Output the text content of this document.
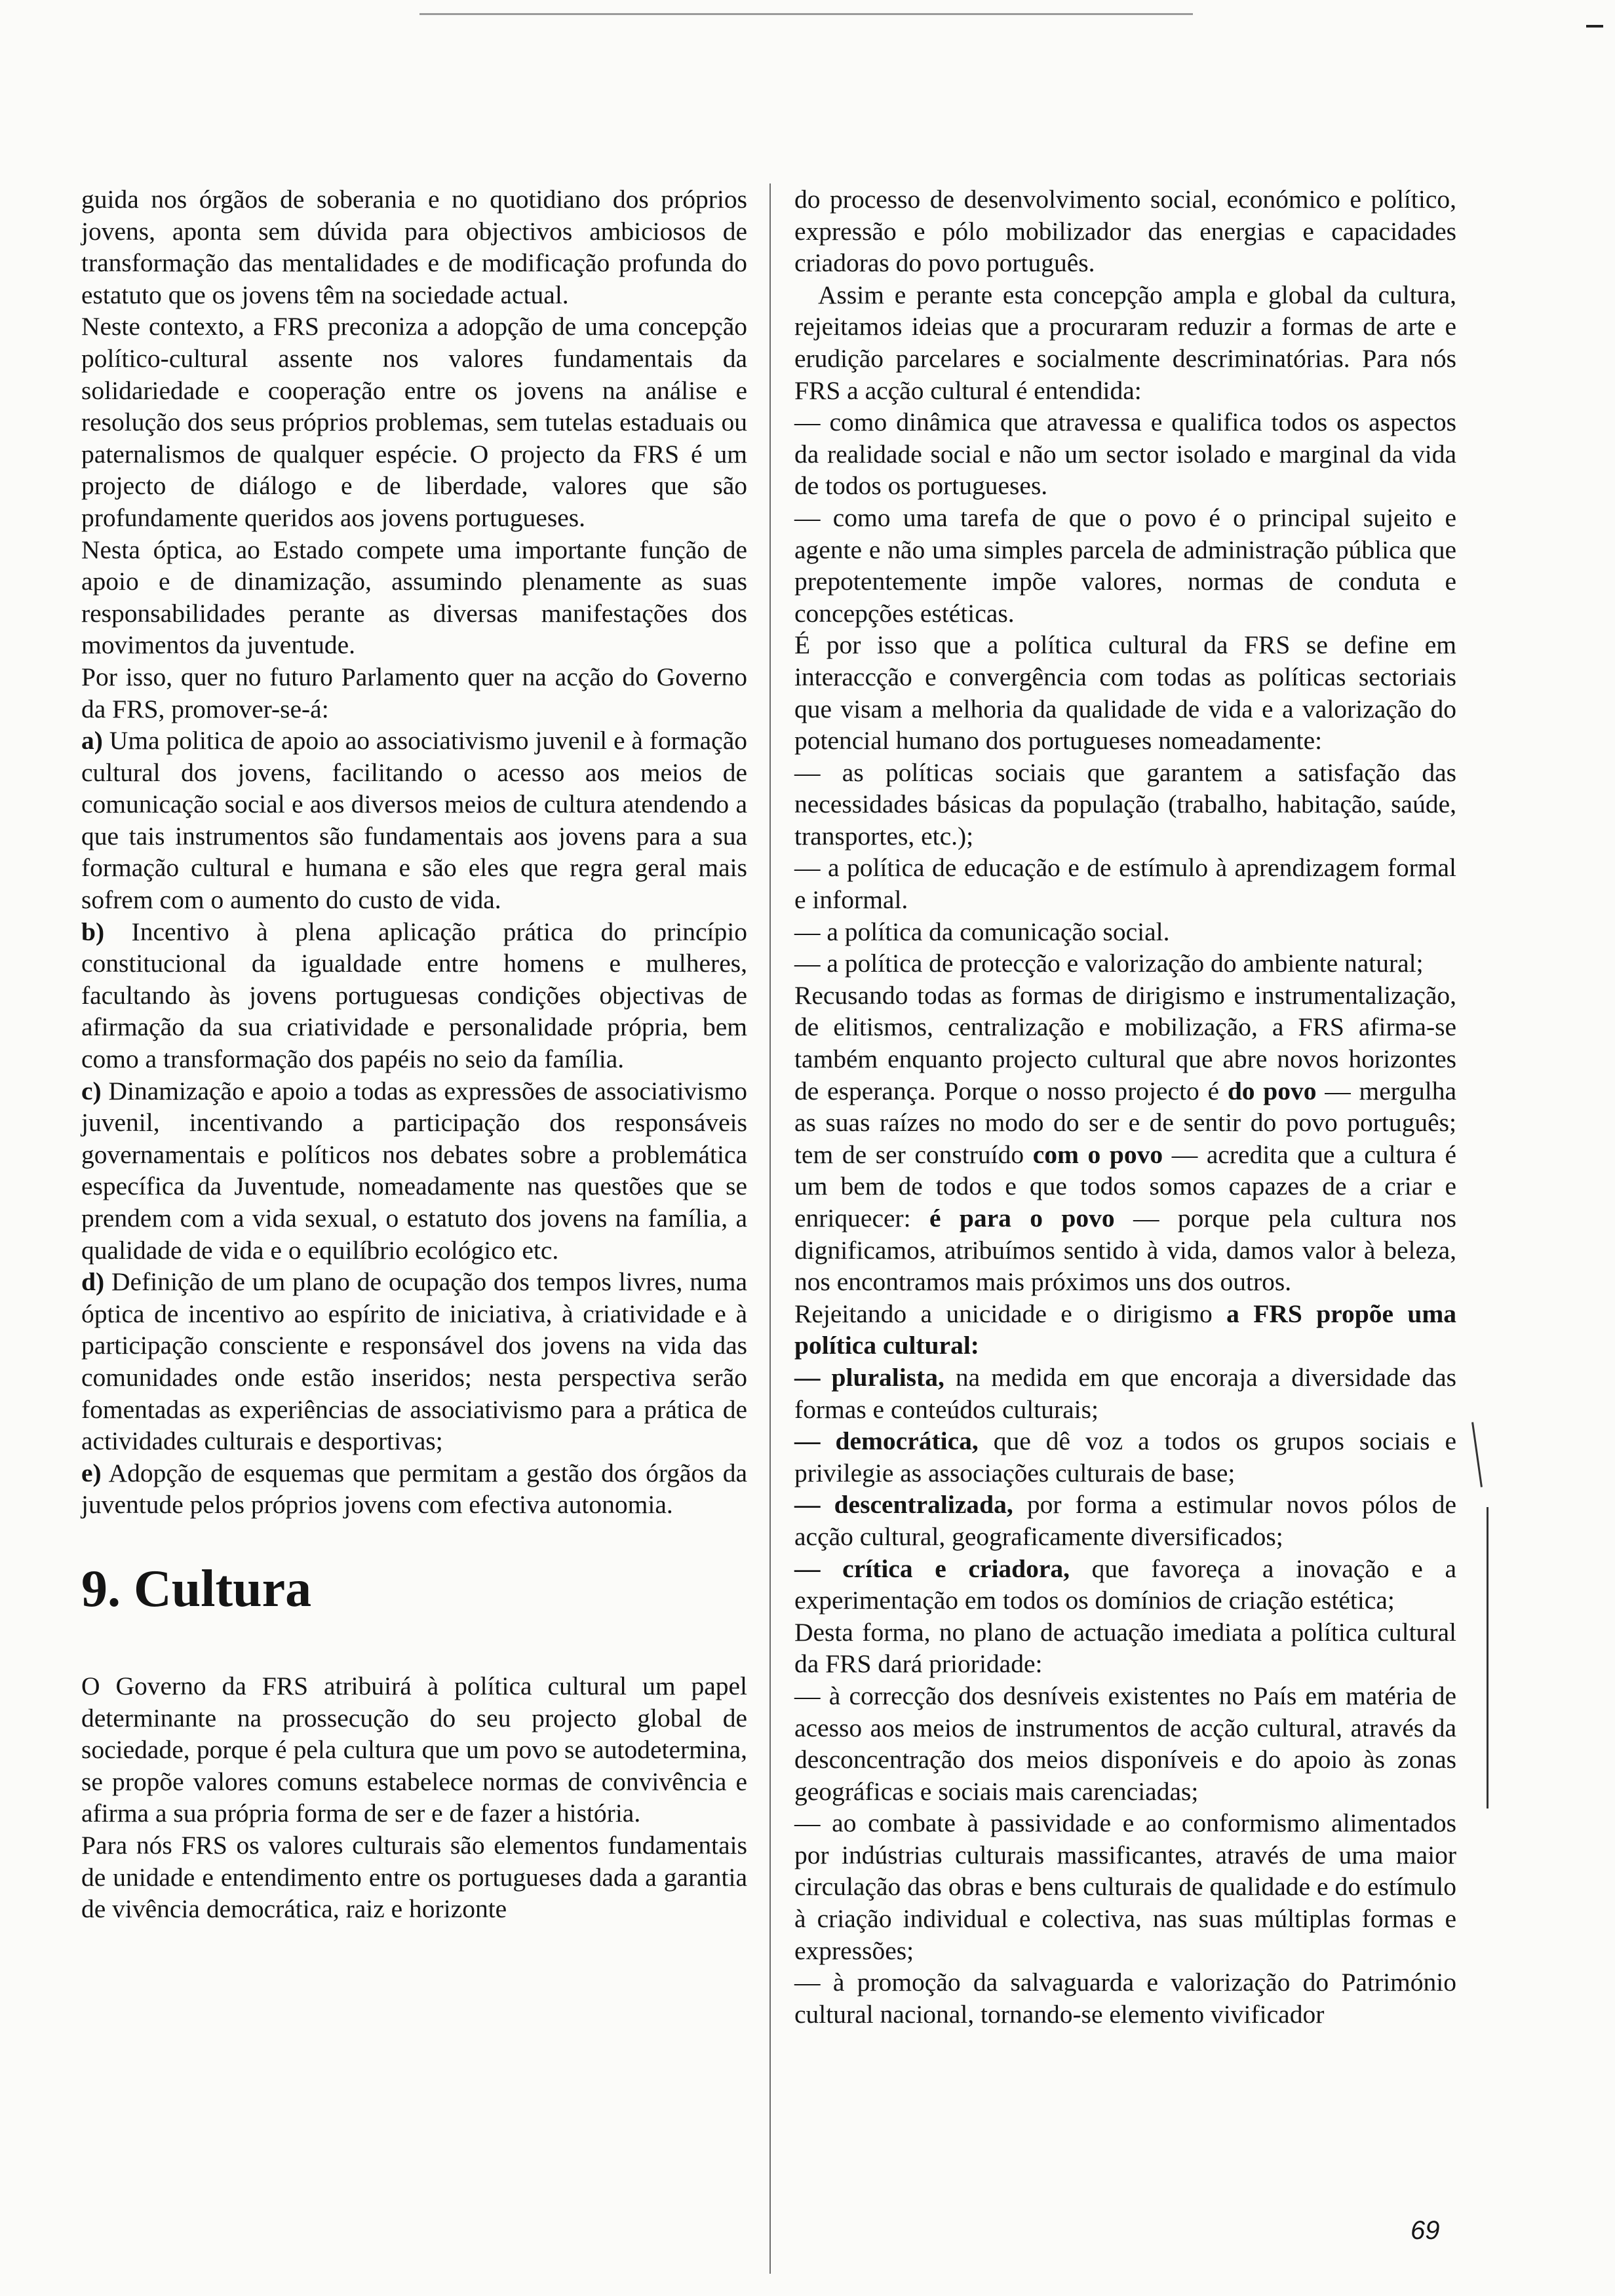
guida nos órgãos de soberania e no quotidiano dos próprios jovens, aponta sem dúvida para objectivos ambiciosos de transformação das mentalidades e de modificação profunda do estatuto que os jovens têm na sociedade actual.

Neste contexto, a FRS preconiza a adopção de uma concepção político-cultural assente nos valores fundamentais da solidariedade e cooperação entre os jovens na análise e resolução dos seus próprios problemas, sem tutelas estaduais ou paternalismos de qualquer espécie. O projecto da FRS é um projecto de diálogo e de liberdade, valores que são profundamente queridos aos jovens portugueses.

Nesta óptica, ao Estado compete uma importante função de apoio e de dinamização, assumindo plenamente as suas responsabilidades perante as diversas manifestações dos movimentos da juventude.

Por isso, quer no futuro Parlamento quer na acção do Governo da FRS, promover-se-á:

a) Uma politica de apoio ao associativismo juvenil e à formação cultural dos jovens, facilitando o acesso aos meios de comunicação social e aos diversos meios de cultura atendendo a que tais instrumentos são fundamentais aos jovens para a sua formação cultural e humana e são eles que regra geral mais sofrem com o aumento do custo de vida.

b) Incentivo à plena aplicação prática do princípio constitucional da igualdade entre homens e mulheres, facultando às jovens portuguesas condições objectivas de afirmação da sua criatividade e personalidade própria, bem como a transformação dos papéis no seio da família.

c) Dinamização e apoio a todas as expressões de associativismo juvenil, incentivando a participação dos responsáveis governamentais e políticos nos debates sobre a problemática específica da Juventude, nomeadamente nas questões que se prendem com a vida sexual, o estatuto dos jovens na família, a qualidade de vida e o equilíbrio ecológico etc.

d) Definição de um plano de ocupação dos tempos livres, numa óptica de incentivo ao espírito de iniciativa, à criatividade e à participação consciente e responsável dos jovens na vida das comunidades onde estão inseridos; nesta perspectiva serão fomentadas as experiências de associativismo para a prática de actividades culturais e desportivas;

e) Adopção de esquemas que permitam a gestão dos órgãos da juventude pelos próprios jovens com efectiva autonomia.

9. Cultura

O Governo da FRS atribuirá à política cultural um papel determinante na prossecução do seu projecto global de sociedade, porque é pela cultura que um povo se autodetermina, se propõe valores comuns estabelece normas de convivência e afirma a sua própria forma de ser e de fazer a história.

Para nós FRS os valores culturais são elementos fundamentais de unidade e entendimento entre os portugueses dada a garantia de vivência democrática, raiz e horizonte

do processo de desenvolvimento social, económico e político, expressão e pólo mobilizador das energias e capacidades criadoras do povo português.

Assim e perante esta concepção ampla e global da cultura, rejeitamos ideias que a procuraram reduzir a formas de arte e erudição parcelares e socialmente descriminatórias. Para nós FRS a acção cultural é entendida:

— como dinâmica que atravessa e qualifica todos os aspectos da realidade social e não um sector isolado e marginal da vida de todos os portugueses.

— como uma tarefa de que o povo é o principal sujeito e agente e não uma simples parcela de administração pública que prepotentemente impõe valores, normas de conduta e concepções estéticas.

É por isso que a política cultural da FRS se define em interaccção e convergência com todas as políticas sectoriais que visam a melhoria da qualidade de vida e a valorização do potencial humano dos portugueses nomeadamente:

— as políticas sociais que garantem a satisfação das necessidades básicas da população (trabalho, habitação, saúde, transportes, etc.);

— a política de educação e de estímulo à aprendizagem formal e informal.

— a política da comunicação social.

— a política de protecção e valorização do ambiente natural;

Recusando todas as formas de dirigismo e instrumentalização, de elitismos, centralização e mobilização, a FRS afirma-se também enquanto projecto cultural que abre novos horizontes de esperança. Porque o nosso projecto é do povo — mergulha as suas raízes no modo do ser e de sentir do povo português; tem de ser construído com o povo — acredita que a cultura é um bem de todos e que todos somos capazes de a criar e enriquecer: é para o povo — porque pela cultura nos dignificamos, atribuímos sentido à vida, damos valor à beleza, nos encontramos mais próximos uns dos outros.

Rejeitando a unicidade e o dirigismo a FRS propõe uma política cultural:

— pluralista, na medida em que encoraja a diversidade das formas e conteúdos culturais;

— democrática, que dê voz a todos os grupos sociais e privilegie as associações culturais de base;

— descentralizada, por forma a estimular novos pólos de acção cultural, geograficamente diversificados;

— crítica e criadora, que favoreça a inovação e a experimentação em todos os domínios de criação estética;

Desta forma, no plano de actuação imediata a política cultural da FRS dará prioridade:

— à correcção dos desníveis existentes no País em matéria de acesso aos meios de instrumentos de acção cultural, através da desconcentração dos meios disponíveis e do apoio às zonas geográficas e sociais mais carenciadas;

— ao combate à passividade e ao conformismo alimentados por indústrias culturais massificantes, através de uma maior circulação das obras e bens culturais de qualidade e do estímulo à criação individual e colectiva, nas suas múltiplas formas e expressões;

— à promoção da salvaguarda e valorização do Património cultural nacional, tornando-se elemento vivificador

69
